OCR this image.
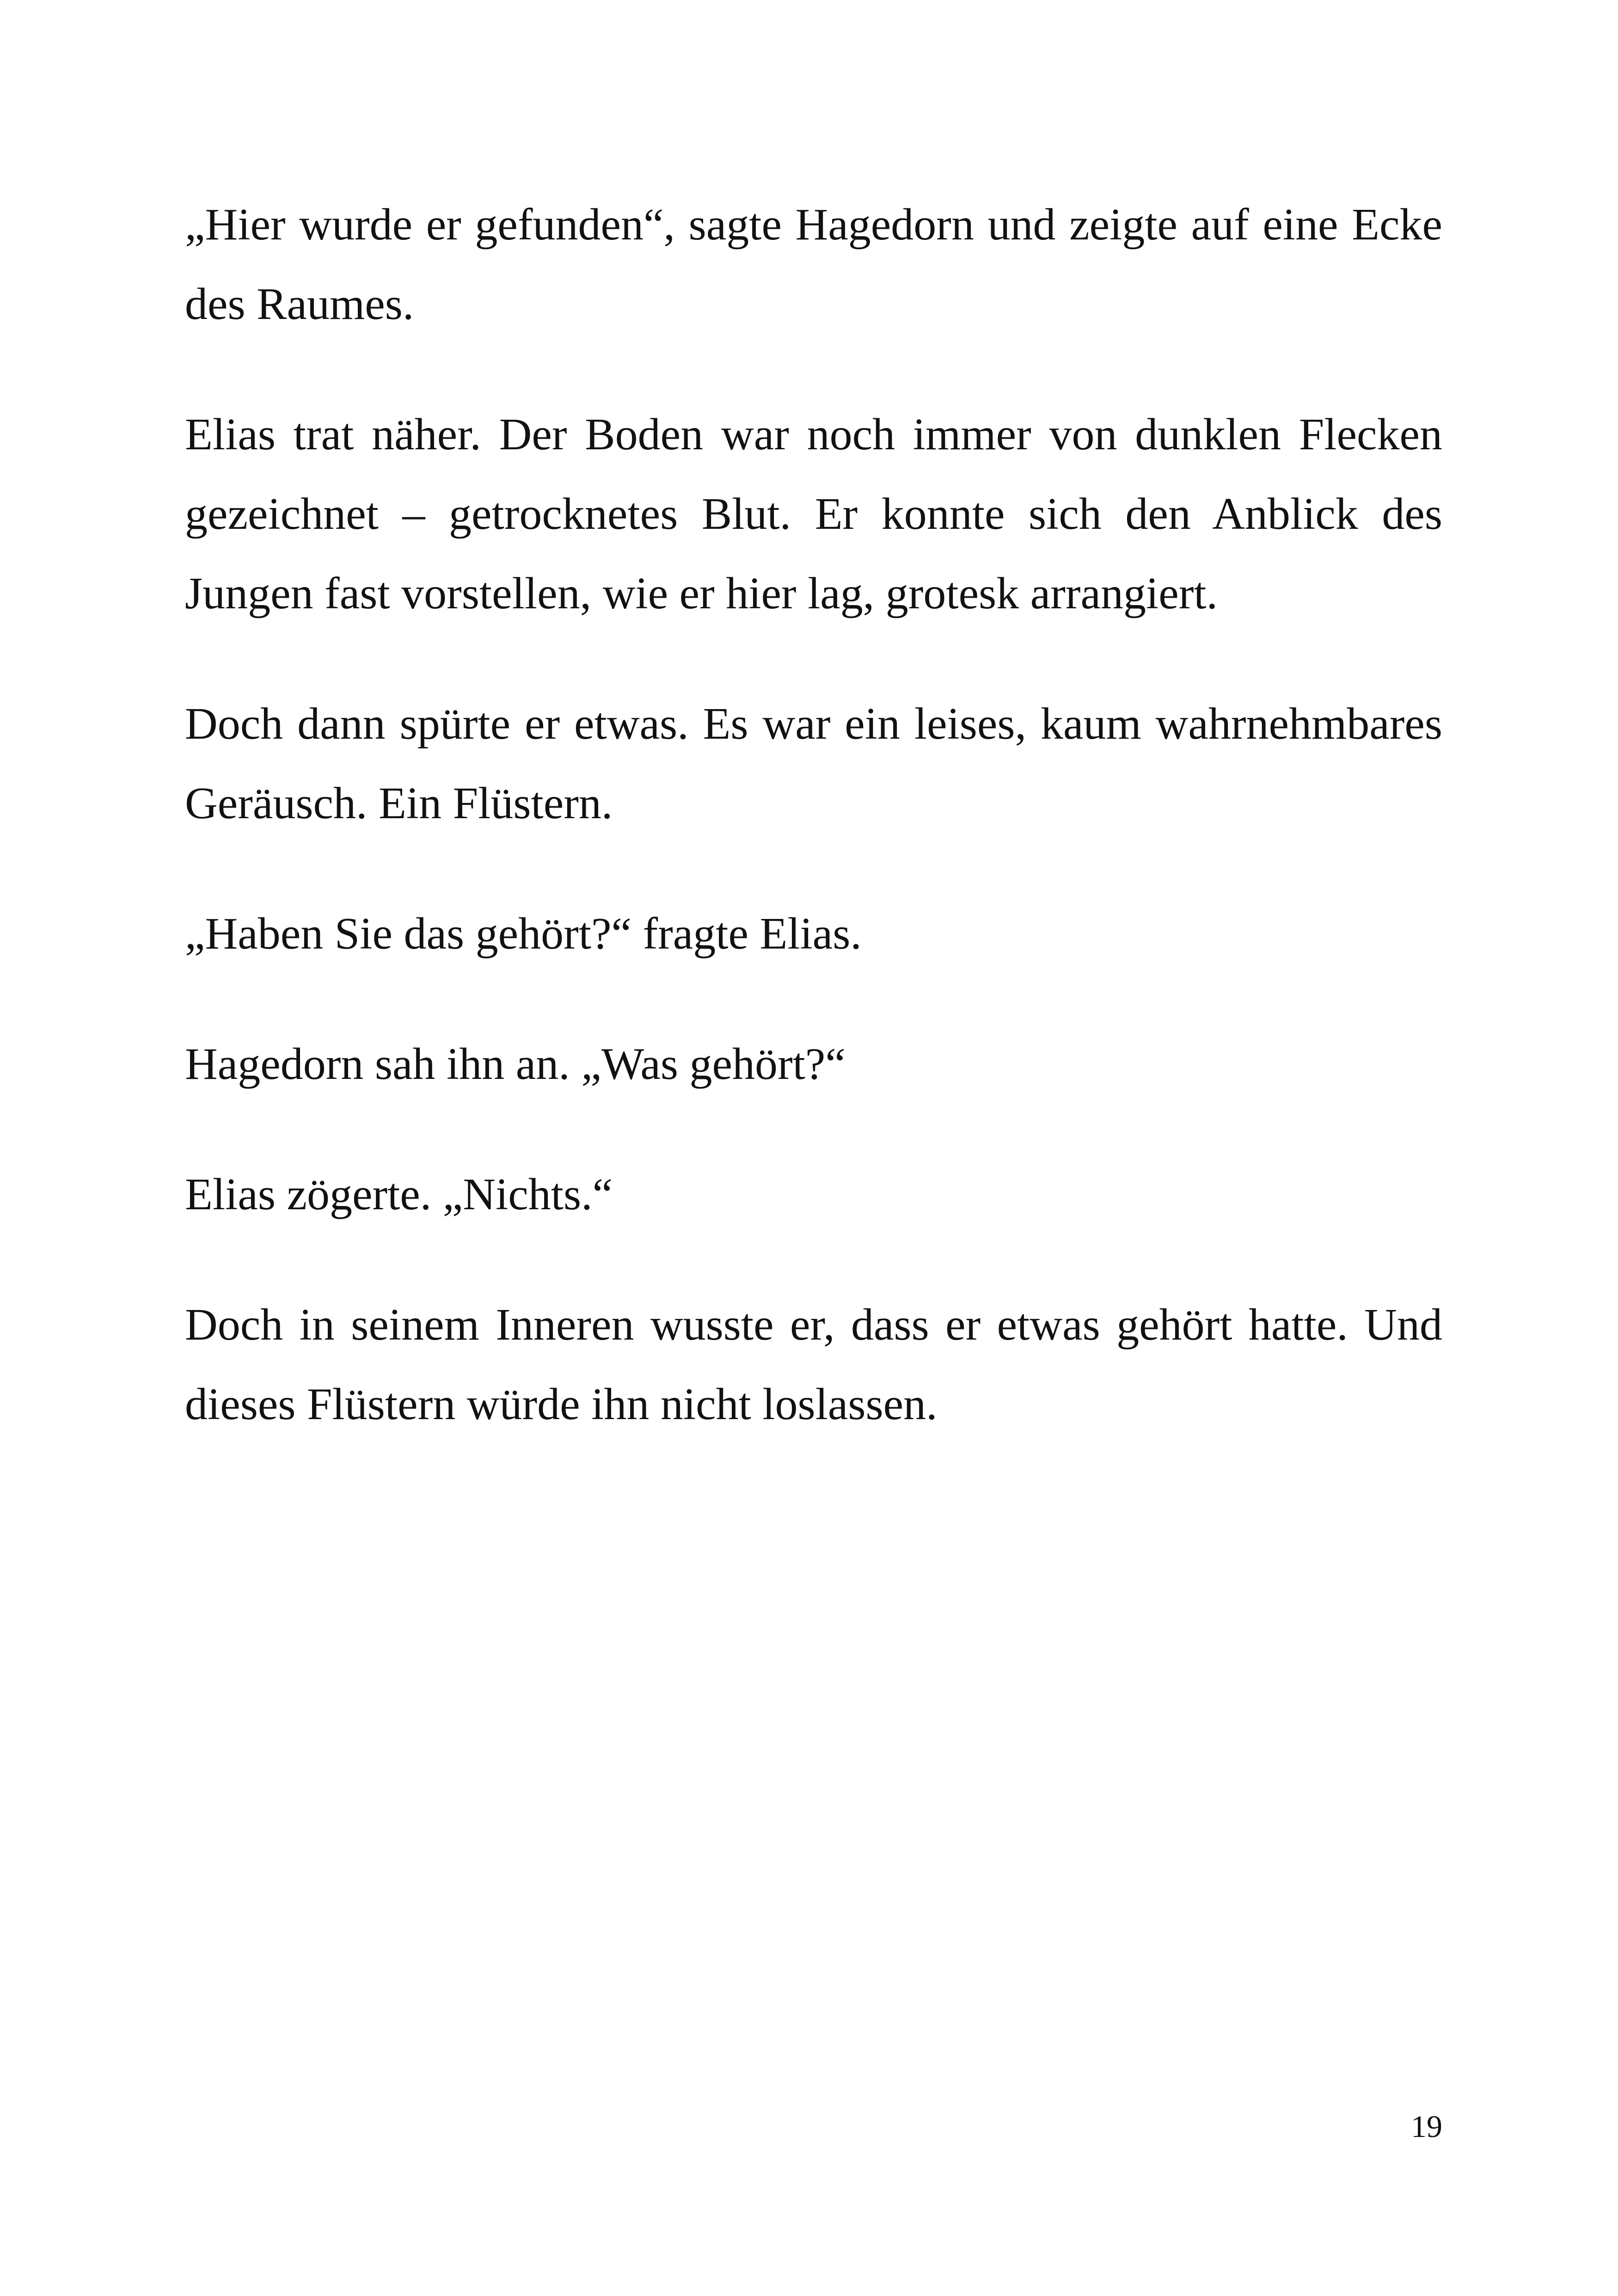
„Hier wurde er gefunden“, sagte Hagedorn und zeigte auf eine Ecke des Raumes.

Elias trat näher. Der Boden war noch immer von dunklen Flecken gezeichnet – getrocknetes Blut. Er konnte sich den Anblick des Jungen fast vorstellen, wie er hier lag, grotesk arrangiert.

Doch dann spürte er etwas. Es war ein leises, kaum wahrnehmbares Geräusch. Ein Flüstern.

„Haben Sie das gehört?“ fragte Elias.

Hagedorn sah ihn an. „Was gehört?“

Elias zögerte. „Nichts.“

Doch in seinem Inneren wusste er, dass er etwas gehört hatte. Und dieses Flüstern würde ihn nicht loslassen.

19
